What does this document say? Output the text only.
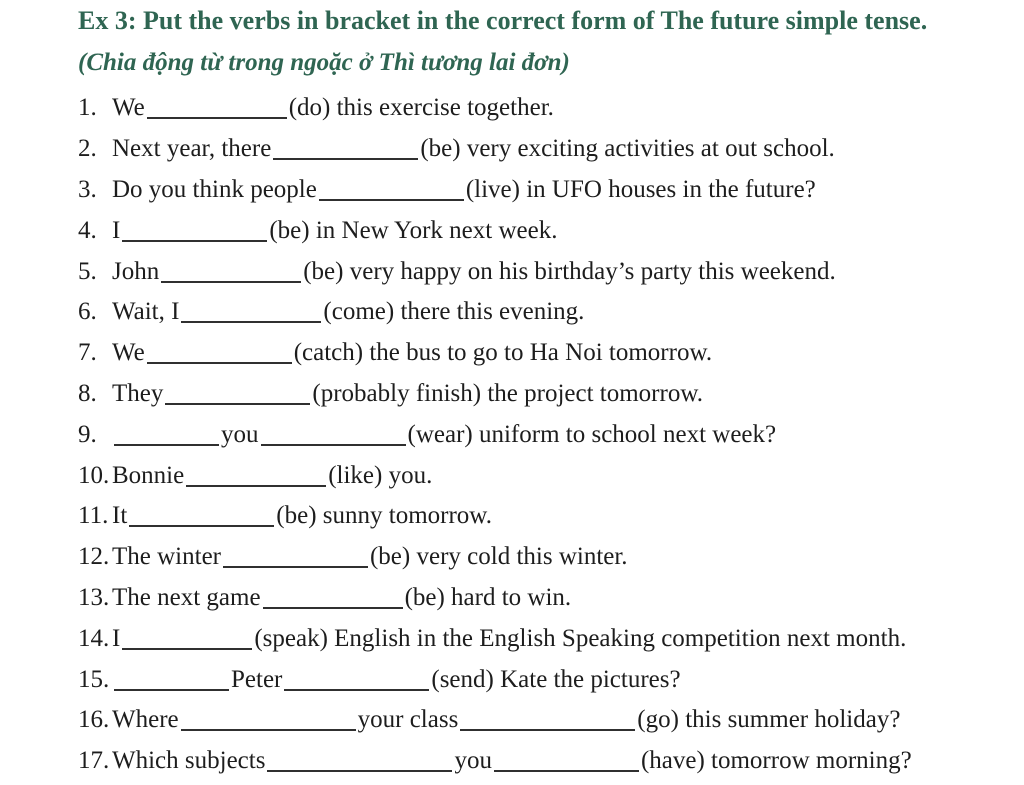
Ex 3: Put the verbs in bracket in the correct form of The future simple tense.
(Chia động từ trong ngoặc ở Thì tương lai đơn)
1. We	(do) this exercise together.
2. Next year, there	(be) very exciting activities at out school.
3. Do you think people	(live) in UFO houses in the future?
4. I	(be) in New York next week.
5. John	(be) very happy on his birthday’s party this weekend.
6. Wait, I	(come) there this evening.
7. We	(catch) the bus to go to Ha Noi tomorrow.
8. They	(probably finish) the project tomorrow.
9.	you	(wear) uniform to school next week?
10. Bonnie	(like) you.
11. It	(be) sunny tomorrow.
12. The winter	(be) very cold this winter.
13. The next game	(be) hard to win.
14. I	(speak) English in the English Speaking competition next month.
15.	Peter	(send) Kate the pictures?
16. Where	your class	(go) this summer holiday?
17. Which subjects	you	(have) tomorrow morning?
